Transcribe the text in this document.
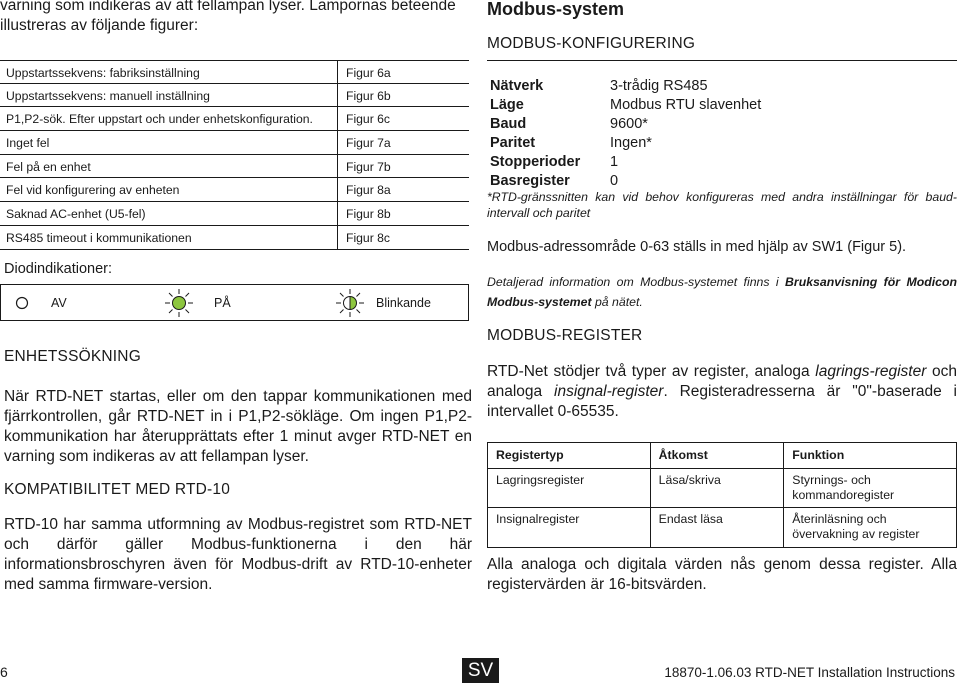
varning som indikeras av att fellampan lyser. Lampornas beteende illustreras av följande figurer:
Uppstartssekvens: fabriksinställning	Figur 6a
Uppstartssekvens: manuell inställning	Figur 6b
P1,P2-sök. Efter uppstart och under enhetskonfiguration.	Figur 6c
Inget fel	Figur 7a
Fel på en enhet	Figur 7b
Fel vid konfigurering av enheten	Figur 8a
Saknad AC-enhet (U5-fel)	Figur 8b
RS485 timeout i kommunikationen	Figur 8c
Diodindikationer:
AV	PÅ	Blinkande
ENHETSSÖKNING
När RTD-NET startas, eller om den tappar kommunikationen med fjärrkontrollen, går RTD-NET in i P1,P2-sökläge. Om ingen P1,P2-kommunikation har återupprättats efter 1 minut avger RTD-NET en varning som indikeras av att fellampan lyser.
KOMPATIBILITET MED RTD-10
RTD-10 har samma utformning av Modbus-registret som RTD-NET och därför gäller Modbus-funktionerna i den här informationsbroschyren även för Modbus-drift av RTD-10-enheter med samma firmware-version.
Modbus-system
MODBUS-KONFIGURERING
Nätverk	3-trådig RS485
Läge	Modbus RTU slavenhet
Baud	9600*
Paritet	Ingen*
Stopperioder 1
Basregister	0
*RTD-gränssnitten kan vid behov konfigureras med andra inställningar för baud-intervall och paritet
Modbus-adressområde 0-63 ställs in med hjälp av SW1 (Figur 5).
Detaljerad information om Modbus-systemet finns i Bruksanvisning för Modicon Modbus-systemet på nätet.
MODBUS-REGISTER
RTD-Net stödjer två typer av register, analoga lagrings-register och analoga insignal-register. Registeradresserna är "0"-baserade i intervallet 0-65535.
Registertyp	Åtkomst	Funktion
Lagringsregister	Läsa/skriva	Styrnings- och kommandoregister
Insignalregister	Endast läsa	Återinläsning och övervakning av register
Alla analoga och digitala värden nås genom dessa register. Alla registervärden är 16-bitsvärden.
6	SV	18870-1.06.03 RTD-NET Installation Instructions
